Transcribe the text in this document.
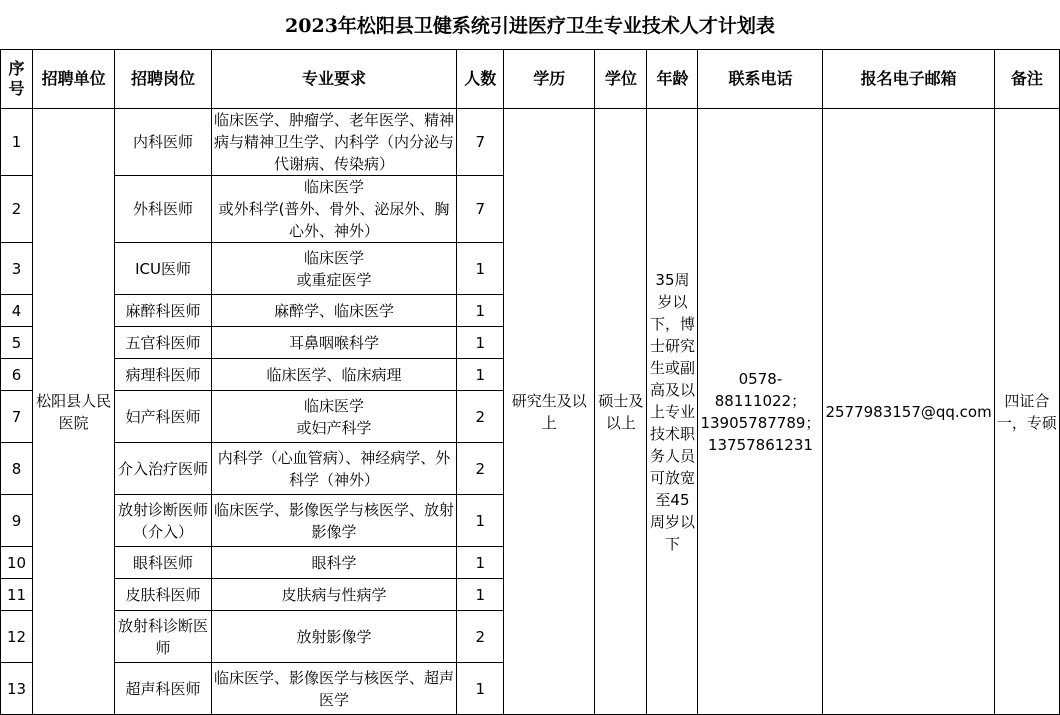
2023年松阳县卫健系统引进医疗卫生专业技术人才计划表
序号	招聘单位	招聘岗位	专业要求	人数	学历	学位	年龄	联系电话	报名电子邮箱	备注
1	松阳县人民医院	内科医师	临床医学、肿瘤学、老年医学、精神病与精神卫生学、内科学（内分泌与代谢病、传染病）	7	研究生及以上	硕士及以上	35周岁以下，博士研究生或副高及以上专业技术职务人员可放宽至45周岁以下	0578-88111022；13905787789；13757861231	2577983157@qq.com	四证合一，专硕
2		外科医师	临床医学
或外科学(普外、骨外、泌尿外、胸心外、神外）	7						
3		ICU医师	临床医学
或重症医学	1						
4		麻醉科医师	麻醉学、临床医学	1						
5		五官科医师	耳鼻咽喉科学	1						
6		病理科医师	临床医学、临床病理	1						
7		妇产科医师	临床医学
或妇产科学	2						
8		介入治疗医师	内科学（心血管病）、神经病学、外科学（神外）	2						
9		放射诊断医师（介入）	临床医学、影像医学与核医学、放射影像学	1						
10		眼科医师	眼科学	1						
11		皮肤科医师	皮肤病与性病学	1						
12		放射科诊断医师	放射影像学	2						
13		超声科医师	临床医学、影像医学与核医学、超声医学	1						
